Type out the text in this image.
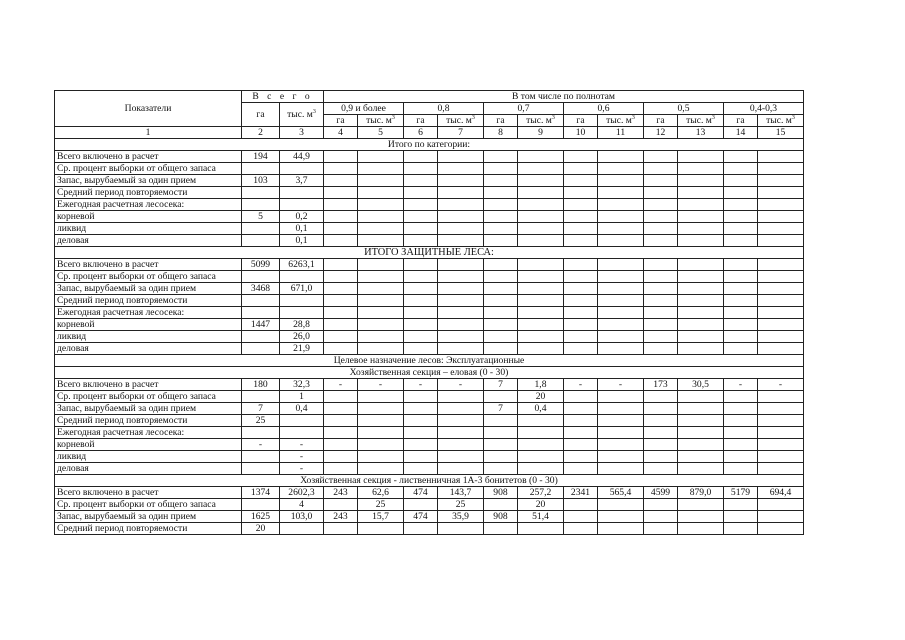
Показатели	В с е г о		В том числе по полнотам											
	га	тыс. $м^3$	0,9 и более		0,8		0,7		0,6		0,5		0,4-0,3	
			га	тыс. $м^3$	га	тыс. $м^3$	га	тыс. $м^3$	га	тыс. $м^3$	га	тыс. $м^3$	га	тыс. $м^3$
1	2	3	4	5	6	7	8	9	10	11	12	13	14	15
Итого по категории:														
Всего включено в расчет	194	44,9												
Ср. процент выборки от общего запаса														
Запас, вырубаемый за один прием	103	3,7												
Средний период повторяемости														
Ежегодная расчетная лесосека:														
корневой	5	0,2												
ликвид		0,1												
деловая		0,1												
ИТОГО ЗАЩИТНЫЕ ЛЕСА:														
Всего включено в расчет	5099	6263,1												
Ср. процент выборки от общего запаса														
Запас, вырубаемый за один прием	3468	671,0												
Средний период повторяемости														
Ежегодная расчетная лесосека:														
корневой	1447	28,8												
ликвид		26,0												
деловая		21,9												
Целевое назначение лесов: Эксплуатационные														
Хозяйственная секция – еловая (0 - 30)														
Всего включено в расчет	180	32,3	-	-	-	-	7	1,8	-	-	173	30,5	-	-
Ср. процент выборки от общего запаса		1						20						
Запас, вырубаемый за один прием	7	0,4					7	0,4						
Средний период повторяемости	25													
Ежегодная расчетная лесосека:														
корневой	-	-												
ликвид		-												
деловая		-												
Хозяйственная секция - лиственничная 1А-3 бонитетов (0 - 30)														
Всего включено в расчет	1374	2602,3	243	62,6	474	143,7	908	257,2	2341	565,4	4599	879,0	5179	694,4
Ср. процент выборки от общего запаса		4		25		25		20						
Запас, вырубаемый за один прием	1625	103,0	243	15,7	474	35,9	908	51,4						
Средний период повторяемости	20													
